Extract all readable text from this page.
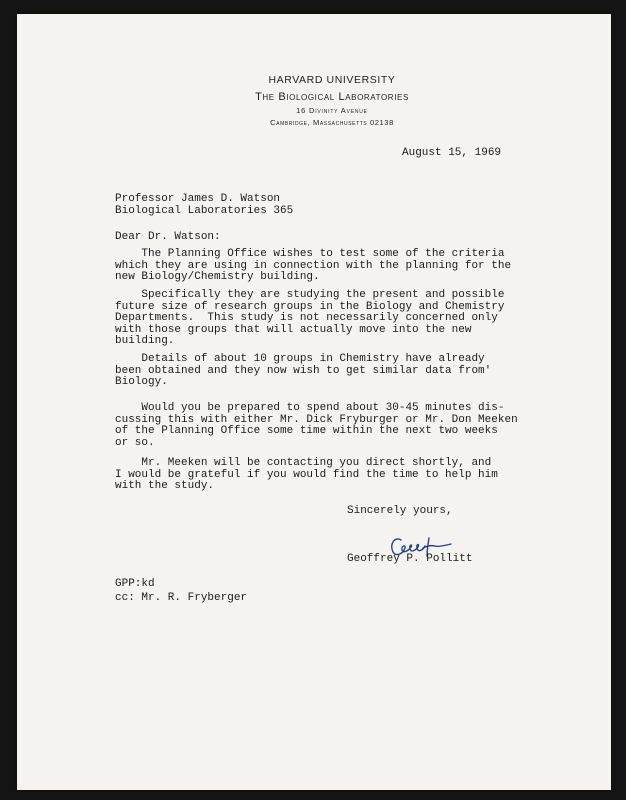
HARVARD UNIVERSITY
The Biological Laboratories
16 Divinity Avenue
Cambridge, Massachusetts 02138
August 15, 1969
Professor James D. Watson
Biological Laboratories 365
Dear Dr. Watson:
The Planning Office wishes to test some of the criteria
which they are using in connection with the planning for the
new Biology/Chemistry building.
Specifically they are studying the present and possible
future size of research groups in the Biology and Chemistry
Departments.  This study is not necessarily concerned only
with those groups that will actually move into the new
building.
Details of about 10 groups in Chemistry have already
been obtained and they now wish to get similar data from'
Biology.
Would you be prepared to spend about 30-45 minutes dis-
cussing this with either Mr. Dick Fryburger or Mr. Don Meeken
of the Planning Office some time within the next two weeks
or so.
Mr. Meeken will be contacting you direct shortly, and
I would be grateful if you would find the time to help him
with the study.
Sincerely yours,
Geoffrey P. Pollitt
GPP:kd
cc: Mr. R. Fryberger
